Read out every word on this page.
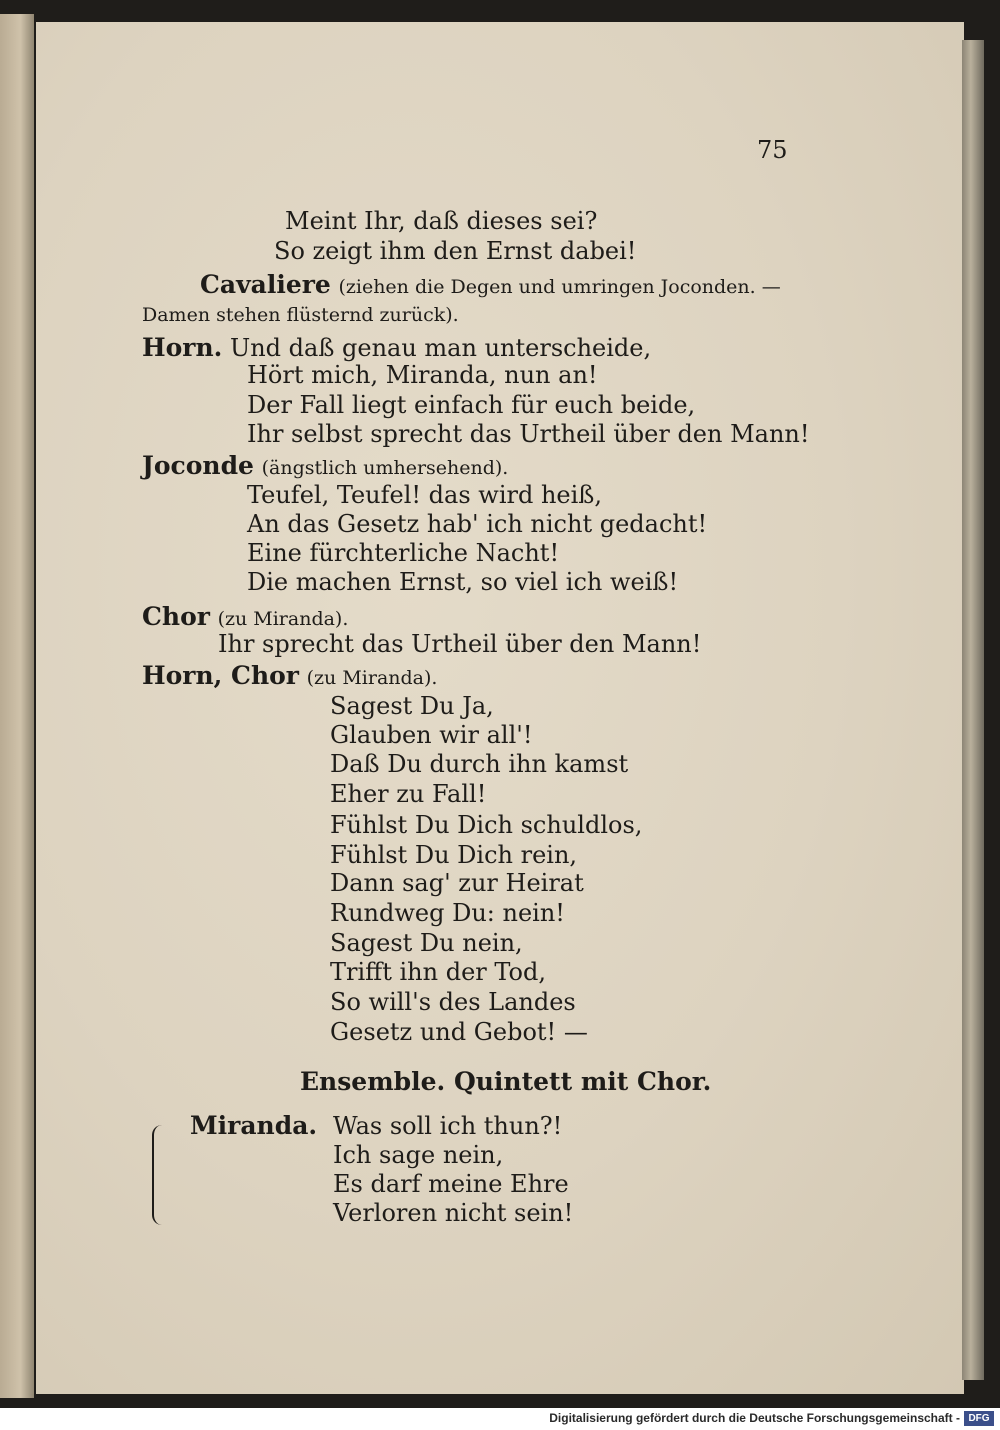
75
Meint Ihr, daß dieses sei?
So zeigt ihm den Ernst dabei!
Cavaliere (ziehen die Degen und umringen Joconden. —
Damen stehen flüsternd zurück).
Horn. Und daß genau man unterscheide,
Hört mich, Miranda, nun an!
Der Fall liegt einfach für euch beide,
Ihr selbst sprecht das Urtheil über den Mann!
Joconde (ängstlich umhersehend).
Teufel, Teufel! das wird heiß,
An das Gesetz hab' ich nicht gedacht!
Eine fürchterliche Nacht!
Die machen Ernst, so viel ich weiß!
Chor (zu Miranda).
Ihr sprecht das Urtheil über den Mann!
Horn, Chor (zu Miranda).
Sagest Du Ja,
Glauben wir all'!
Daß Du durch ihn kamst
Eher zu Fall!
Fühlst Du Dich schuldlos,
Fühlst Du Dich rein,
Dann sag' zur Heirat
Rundweg Du: nein!
Sagest Du nein,
Trifft ihn der Tod,
So will's des Landes
Gesetz und Gebot! —
Ensemble. Quintett mit Chor.
Miranda. Was soll ich thun?!
Ich sage nein,
Es darf meine Ehre
Verloren nicht sein!
Digitalisierung gefördert durch die Deutsche Forschungsgemeinschaft - DFG
